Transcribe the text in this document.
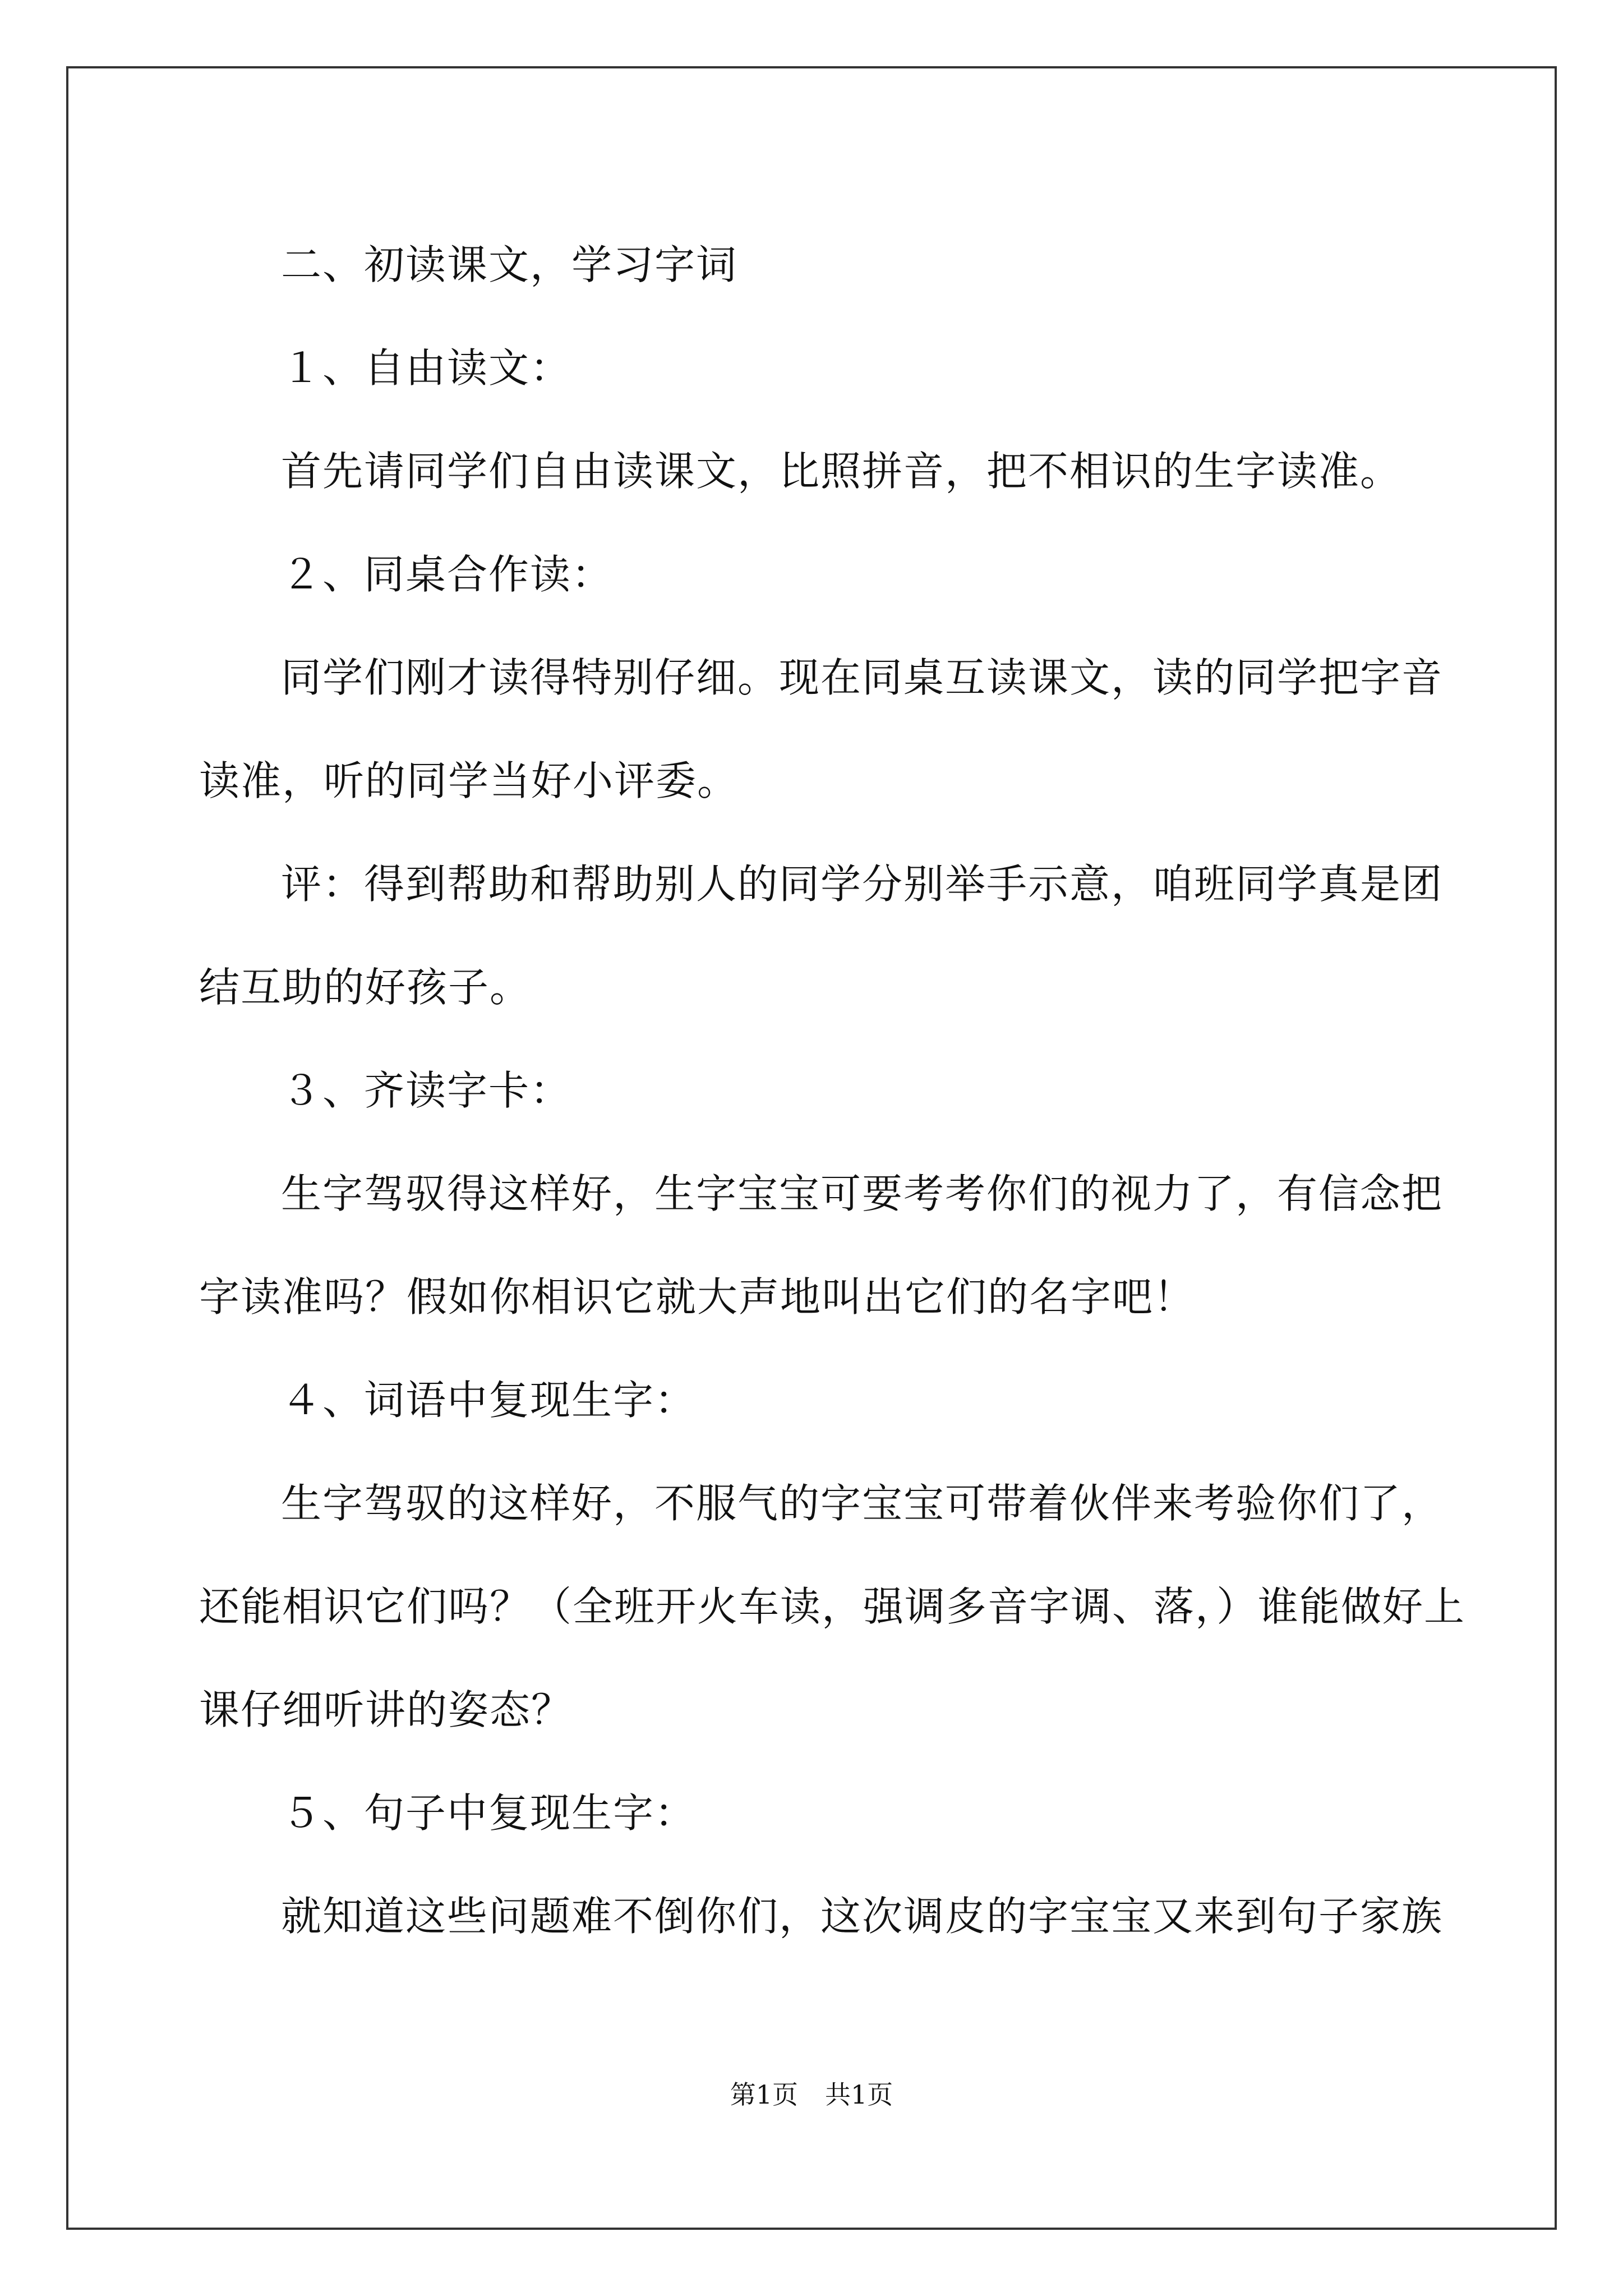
二、初读课文，学习字词
１、自由读文：
首先请同学们自由读课文，比照拼音，把不相识的生字读准。
２、同桌合作读：
同学们刚才读得特别仔细。现在同桌互读课文，读的同学把字音
读准，听的同学当好小评委。
评：得到帮助和帮助别人的同学分别举手示意，咱班同学真是团
结互助的好孩子。
３、齐读字卡：
生字驾驭得这样好，生字宝宝可要考考你们的视力了，有信念把
字读准吗？假如你相识它就大声地叫出它们的名字吧！
４、词语中复现生字：
生字驾驭的这样好，不服气的字宝宝可带着伙伴来考验你们了，
还能相识它们吗？（全班开火车读，强调多音字调、落，）谁能做好上
课仔细听讲的姿态？
５、句子中复现生字：
就知道这些问题难不倒你们，这次调皮的字宝宝又来到句子家族
第1页 共1页
